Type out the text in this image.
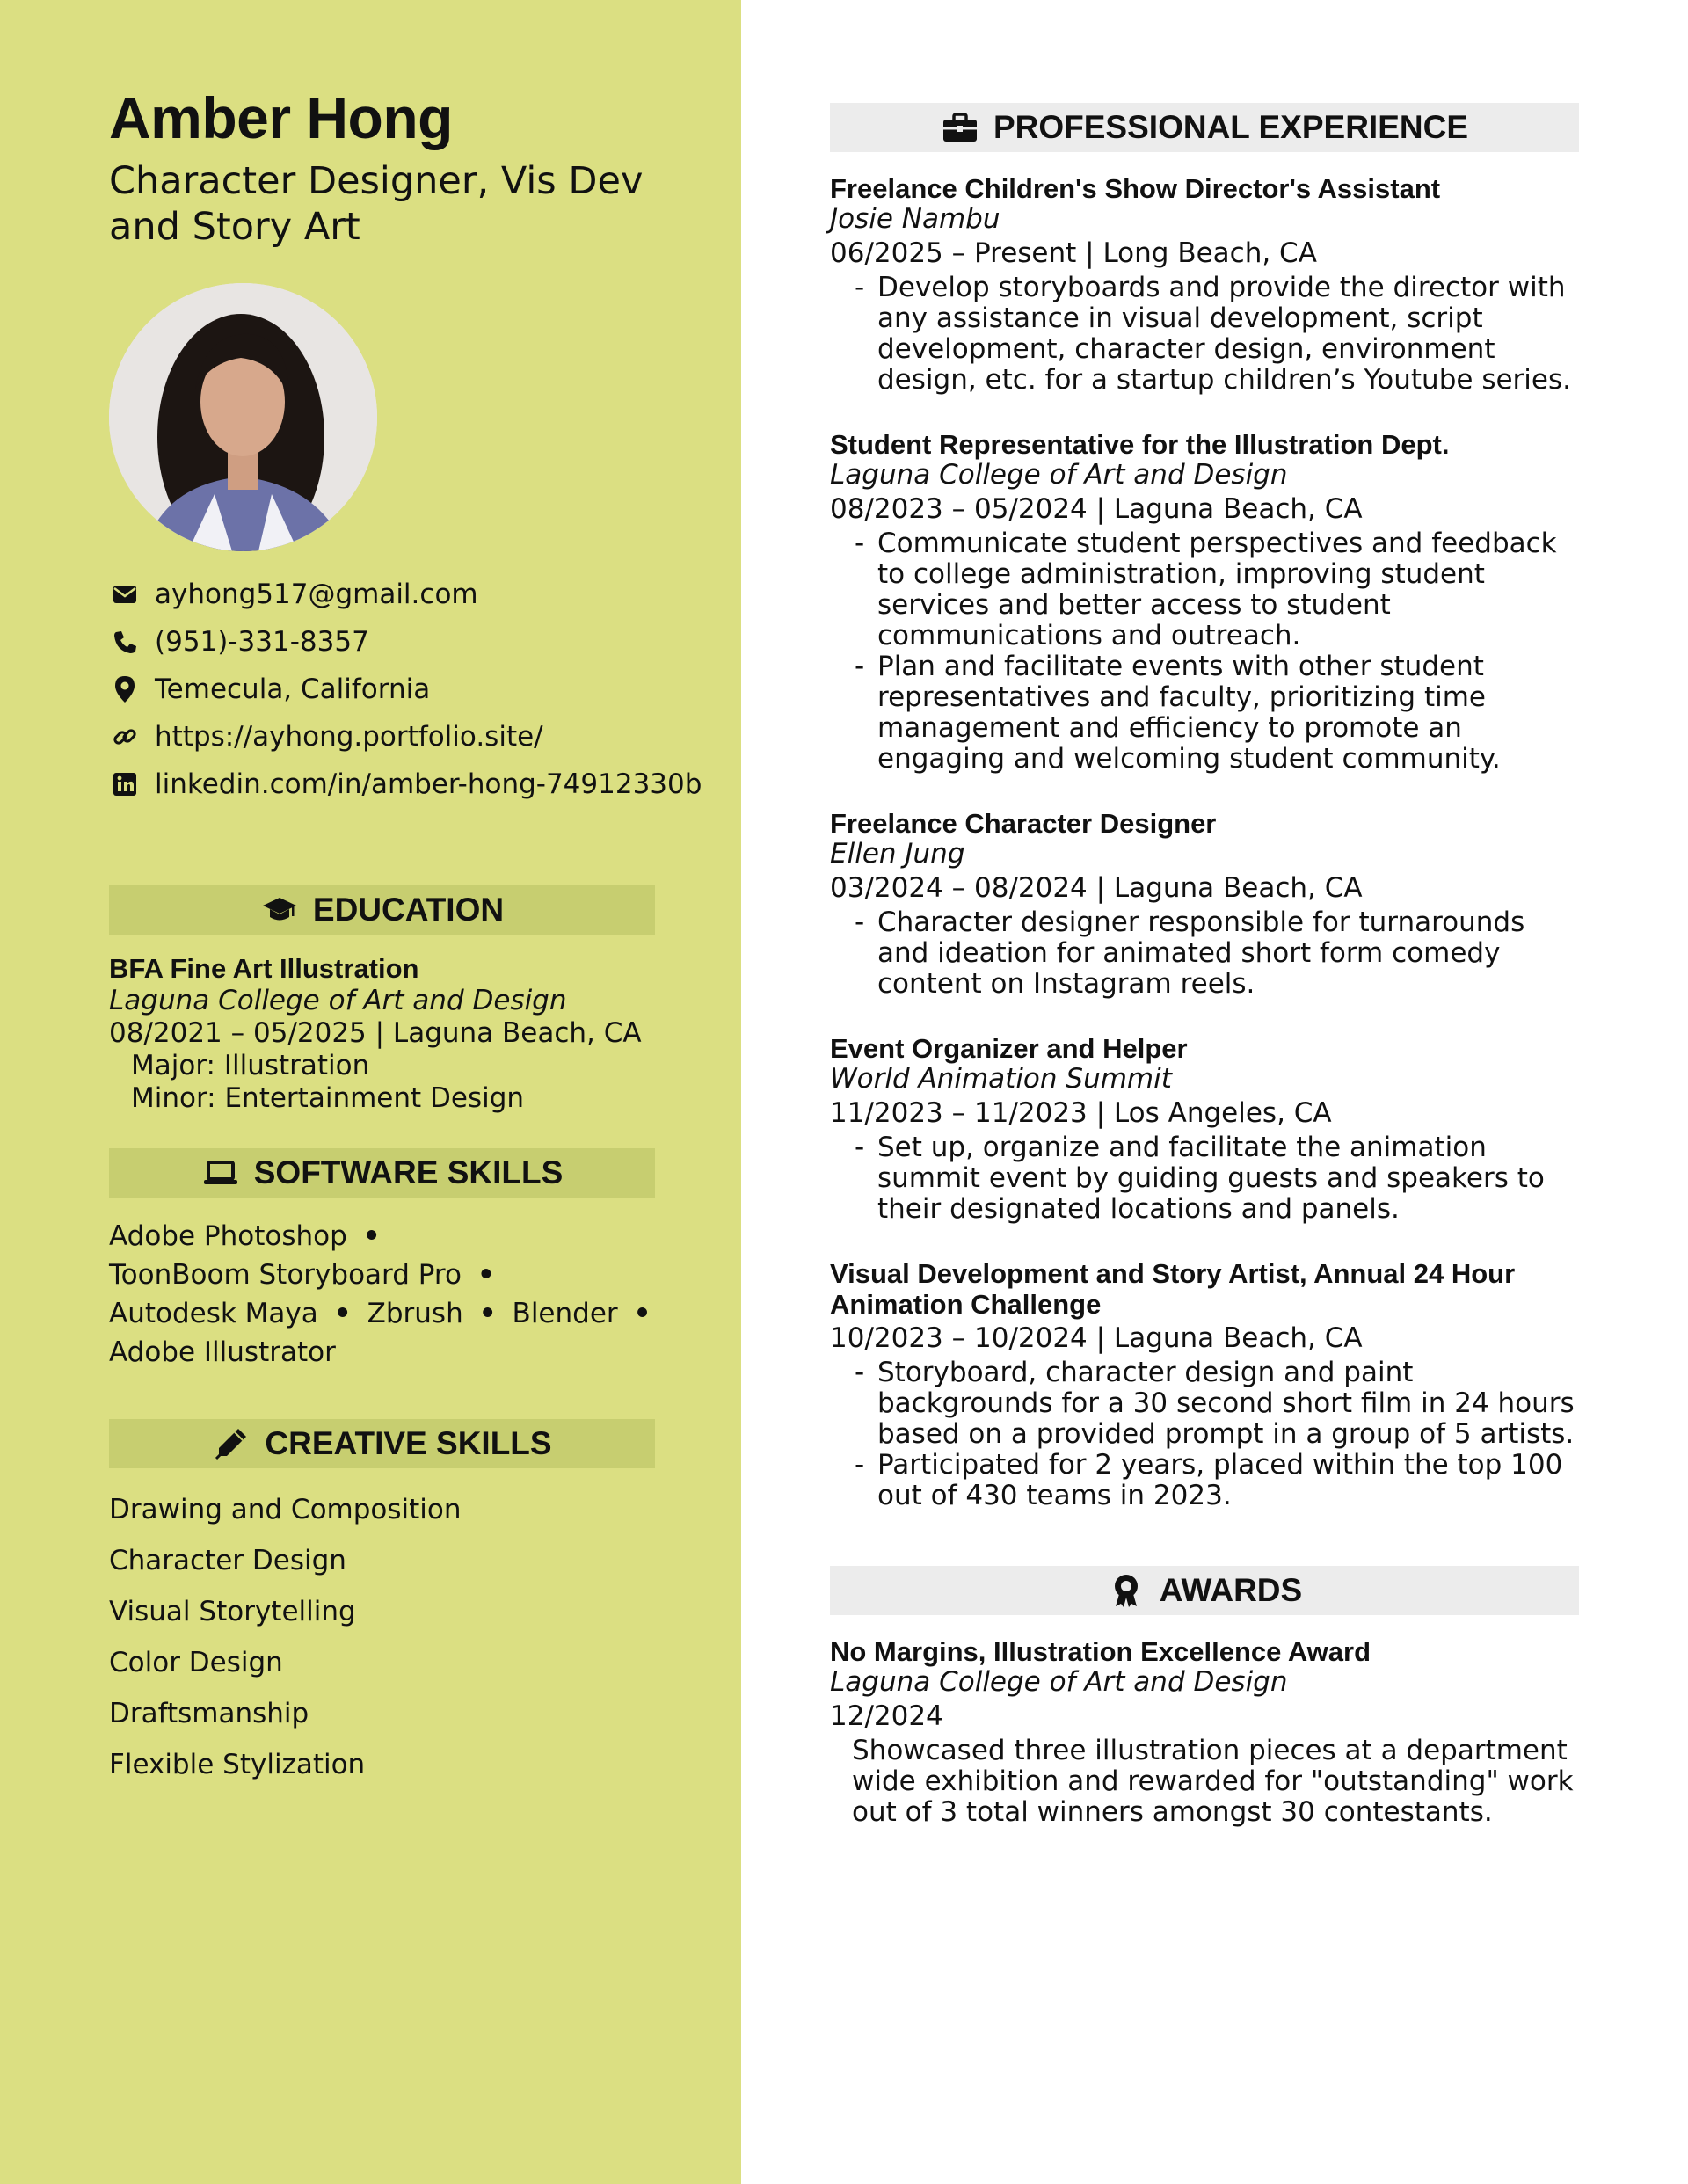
Amber Hong

Character Designer, Vis Dev and Story Art

ayhong517@gmail.com
(951)-331-8357
Temecula, California
https://ayhong.portfolio.site/
linkedin.com/in/amber-hong-74912330b
EDUCATION
BFA Fine Art Illustration
Laguna College of Art and Design
08/2021 – 05/2025 | Laguna Beach, CA
Major: Illustration
Minor: Entertainment Design
SOFTWARE SKILLS
Adobe Photoshop •
ToonBoom Storyboard Pro •
Autodesk Maya • Zbrush • Blender •
Adobe Illustrator
CREATIVE SKILLS
Drawing and Composition
Character Design
Visual Storytelling
Color Design
Draftsmanship
Flexible Stylization
PROFESSIONAL EXPERIENCE
Freelance Children's Show Director's Assistant
Josie Nambu
06/2025 – Present | Long Beach, CA
- Develop storyboards and provide the director with any assistance in visual development, script development, character design, environment design, etc. for a startup children’s Youtube series.
Student Representative for the Illustration Dept.
Laguna College of Art and Design
08/2023 – 05/2024 | Laguna Beach, CA
- Communicate student perspectives and feedback to college administration, improving student services and better access to student communications and outreach.
- Plan and facilitate events with other student representatives and faculty, prioritizing time management and efficiency to promote an engaging and welcoming student community.
Freelance Character Designer
Ellen Jung
03/2024 – 08/2024 | Laguna Beach, CA
- Character designer responsible for turnarounds and ideation for animated short form comedy content on Instagram reels.
Event Organizer and Helper
World Animation Summit
11/2023 – 11/2023 | Los Angeles, CA
- Set up, organize and facilitate the animation summit event by guiding guests and speakers to their designated locations and panels.
Visual Development and Story Artist, Annual 24 Hour Animation Challenge
10/2023 – 10/2024 | Laguna Beach, CA
- Storyboard, character design and paint backgrounds for a 30 second short film in 24 hours based on a provided prompt in a group of 5 artists.
- Participated for 2 years, placed within the top 100 out of 430 teams in 2023.
AWARDS
No Margins, Illustration Excellence Award
Laguna College of Art and Design
12/2024
Showcased three illustration pieces at a department wide exhibition and rewarded for "outstanding" work out of 3 total winners amongst 30 contestants.
